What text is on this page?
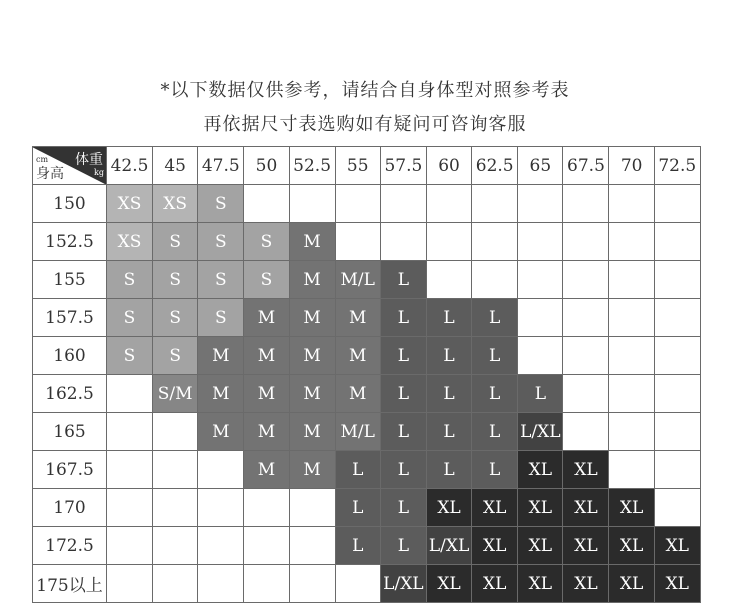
*以下数据仅供参考，请结合自身体型对照参考表
再依据尺寸表选购如有疑问可咨询客服
体重
kg
cm
身高	42.5	45	47.5	50	52.5	55	57.5	60	62.5	65	67.5	70	72.5
150	XS	XS	S										
152.5	XS	S	S	S	M								
155	S	S	S	S	M	M/L	L						
157.5	S	S	S	M	M	M	L	L	L				
160	S	S	M	M	M	M	L	L	L				
162.5		S/M	M	M	M	M	L	L	L	L			
165			M	M	M	M/L	L	L	L	L/XL			
167.5				M	M	L	L	L	L	XL	XL		
170						L	L	XL	XL	XL	XL	XL	
172.5						L	L	L/XL	XL	XL	XL	XL	XL
175以上							L/XL	XL	XL	XL	XL	XL	XL
